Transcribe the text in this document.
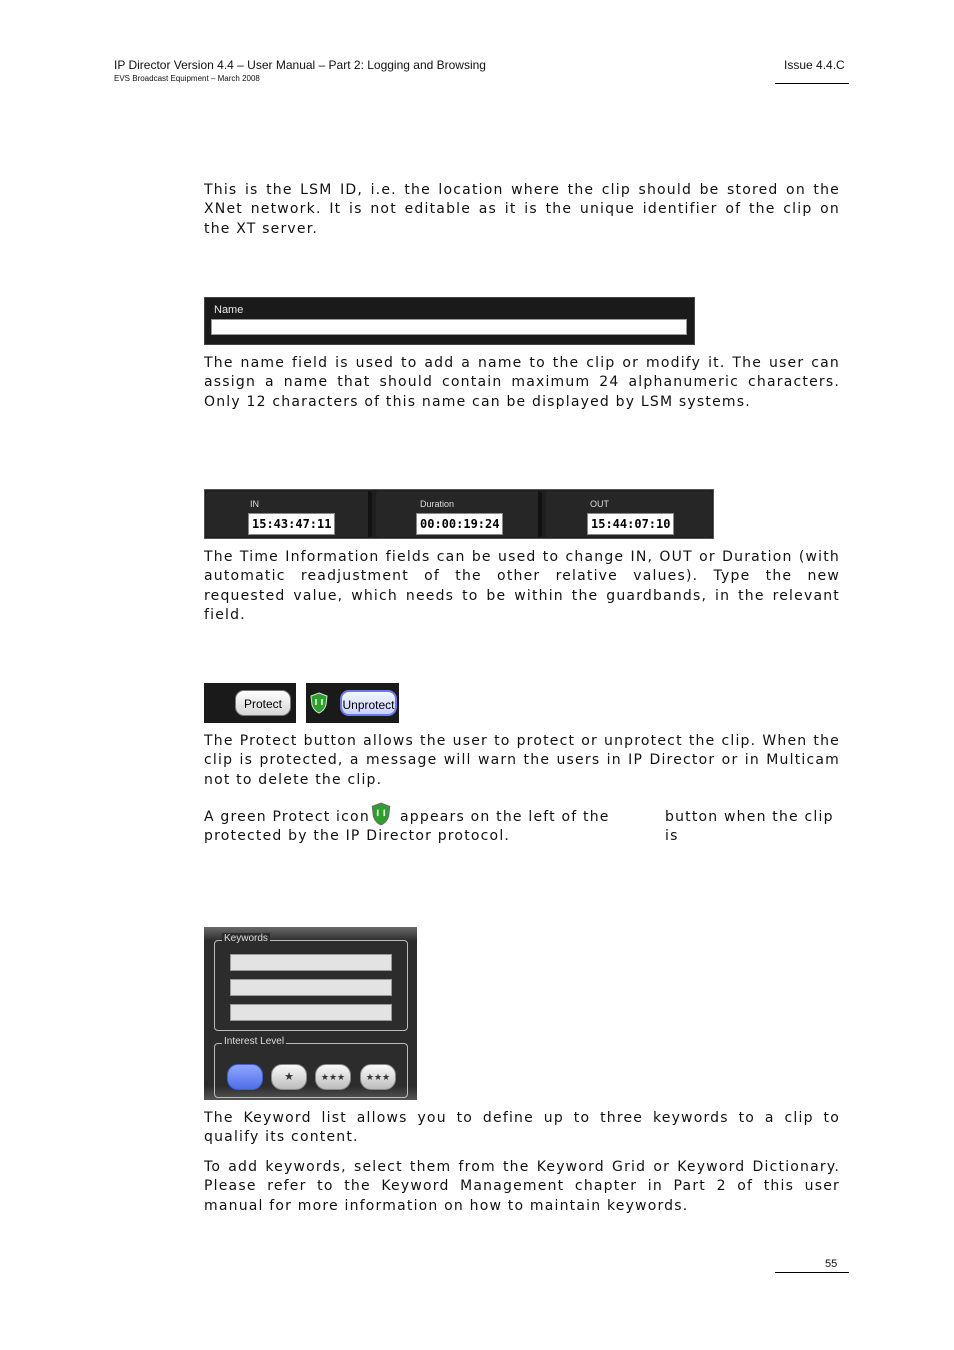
IP Director Version 4.4 – User Manual – Part 2: Logging and Browsing
EVS Broadcast Equipment – March 2008
Issue 4.4.C

This is the LSM ID, i.e. the location where the clip should be stored on the XNet network. It is not editable as it is the unique identifier of the clip on the XT server.

Name

The name field is used to add a name to the clip or modify it. The user can assign a name that should contain maximum 24 alphanumeric characters. Only 12 characters of this name can be displayed by LSM systems.

IN
15:43:47:11
Duration
00:00:19:24
OUT
15:44:07:10

The Time Information fields can be used to change IN, OUT or Duration (with automatic readjustment of the other relative values). Type the new requested value, which needs to be within the guardbands, in the relevant field.

Protect	Unprotect

The Protect button allows the user to protect or unprotect the clip. When the clip is protected, a message will warn the users in IP Director or in Multicam not to delete the clip.

A green Protect icon appears on the left of the	button when the clip is
protected by the IP Director protocol.
Keywords
Interest Level
★	★★★	★★★

The Keyword list allows you to define up to three keywords to a clip to qualify its content.

To add keywords, select them from the Keyword Grid or Keyword Dictionary. Please refer to the Keyword Management chapter in Part 2 of this user manual for more information on how to maintain keywords.

55
